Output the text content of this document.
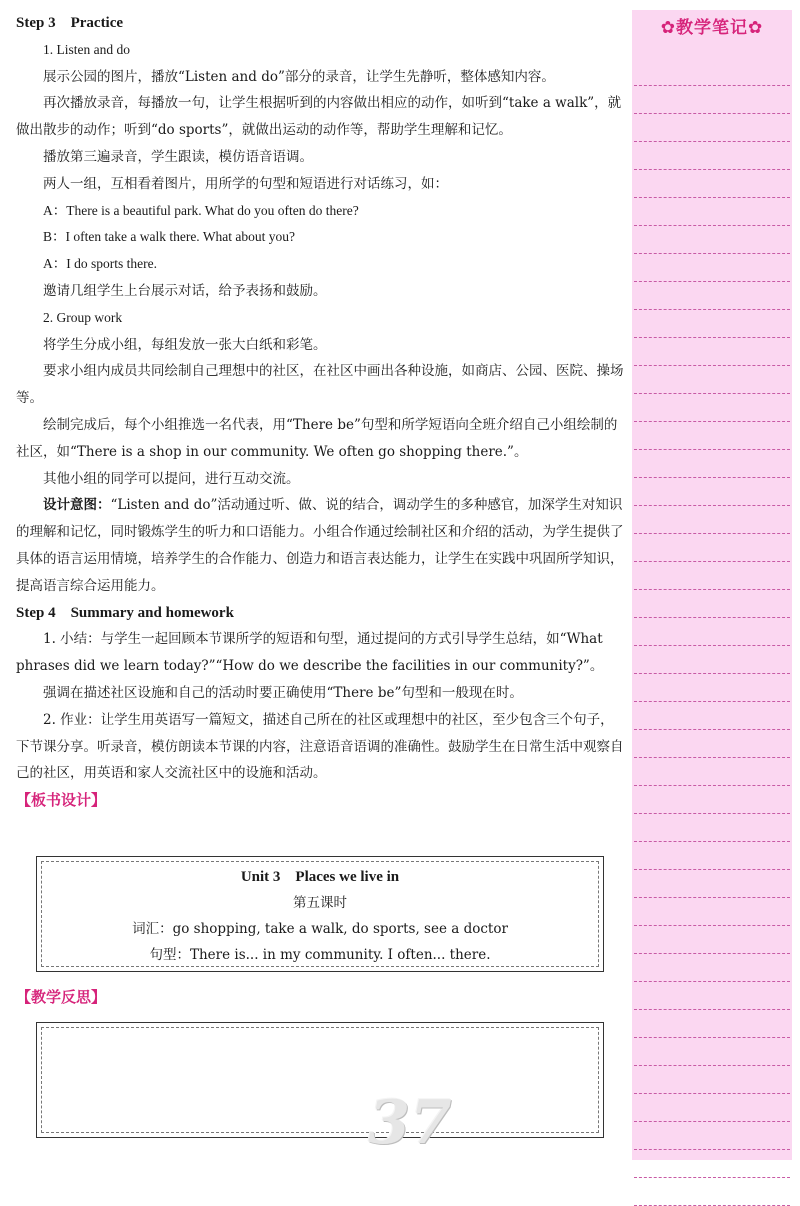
Step 3　Practice

1. Listen and do

展示公园的图片，播放“Listen and do”部分的录音，让学生先静听，整体感知内容。

再次播放录音，每播放一句，让学生根据听到的内容做出相应的动作，如听到“take a walk”，就做出散步的动作；听到“do sports”，就做出运动的动作等，帮助学生理解和记忆。

播放第三遍录音，学生跟读，模仿语音语调。

两人一组，互相看着图片，用所学的句型和短语进行对话练习，如：

A：There is a beautiful park. What do you often do there?

B：I often take a walk there. What about you?

A：I do sports there.

邀请几组学生上台展示对话，给予表扬和鼓励。

2. Group work

将学生分成小组，每组发放一张大白纸和彩笔。

要求小组内成员共同绘制自己理想中的社区，在社区中画出各种设施，如商店、公园、医院、操场等。

绘制完成后，每个小组推选一名代表，用“There be”句型和所学短语向全班介绍自己小组绘制的社区，如“There is a shop in our community. We often go shopping there.”。

其他小组的同学可以提问，进行互动交流。

设计意图：“Listen and do”活动通过听、做、说的结合，调动学生的多种感官，加深学生对知识的理解和记忆，同时锻炼学生的听力和口语能力。小组合作通过绘制社区和介绍的活动，为学生提供了具体的语言运用情境，培养学生的合作能力、创造力和语言表达能力，让学生在实践中巩固所学知识，提高语言综合运用能力。

Step 4　Summary and homework

1. 小结：与学生一起回顾本节课所学的短语和句型，通过提问的方式引导学生总结，如“What phrases did we learn today?”“How do we describe the facilities in our community?”。

强调在描述社区设施和自己的活动时要正确使用“There be”句型和一般现在时。

2. 作业：让学生用英语写一篇短文，描述自己所在的社区或理想中的社区，至少包含三个句子，下节课分享。听录音，模仿朗读本节课的内容，注意语音语调的准确性。鼓励学生在日常生活中观察自己的社区，用英语和家人交流社区中的设施和活动。

【板书设计】

Unit 3　Places we live in
第五课时
词汇：go shopping, take a walk, do sports, see a doctor
句型：There is... in my community. I often... there.
【教学反思】
37
✿教学笔记✿
